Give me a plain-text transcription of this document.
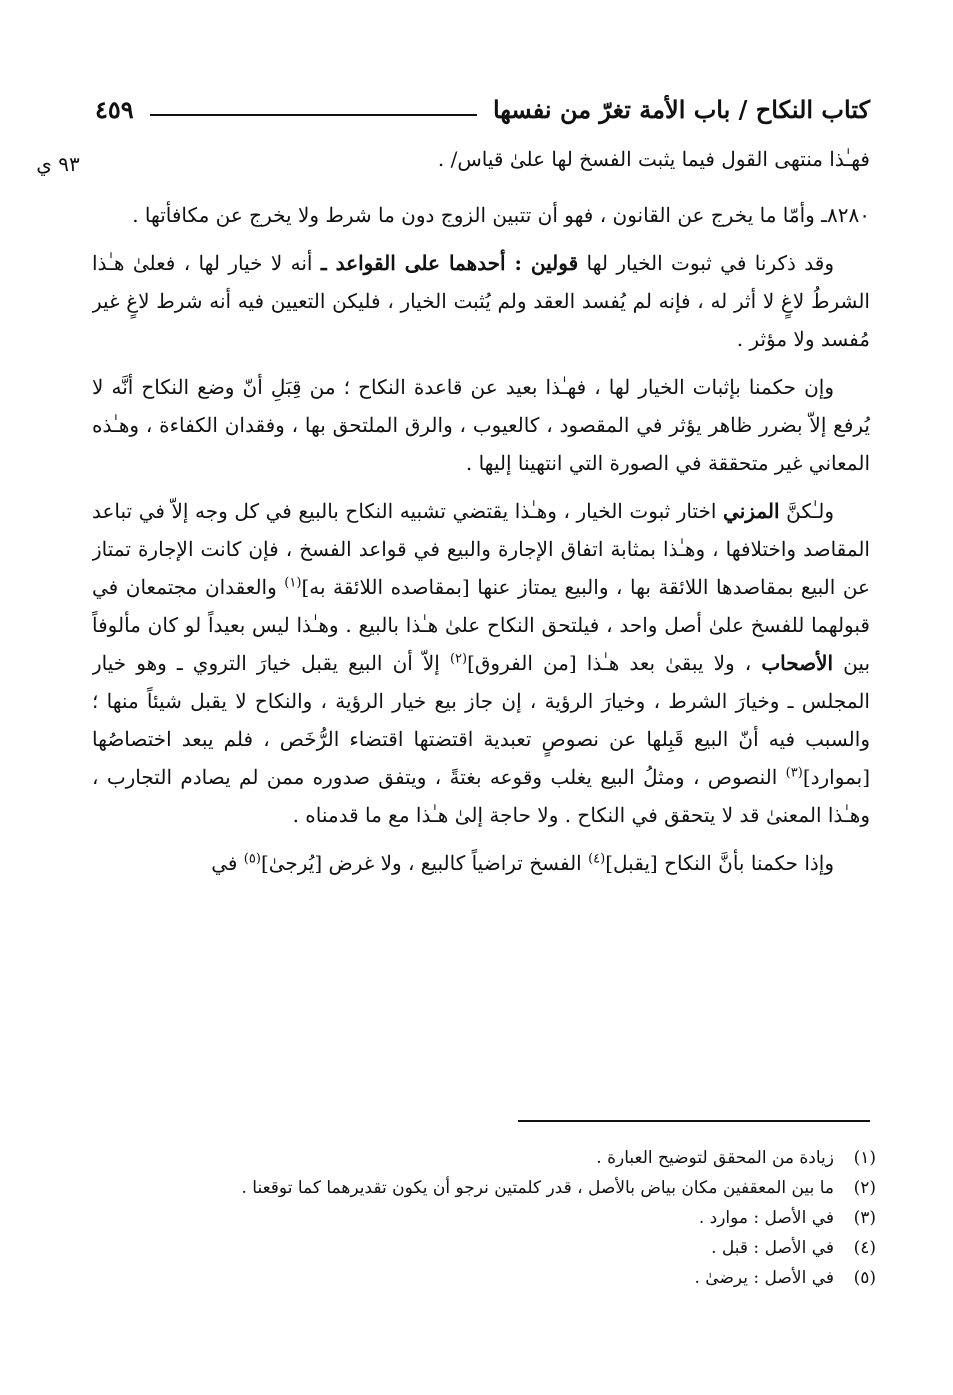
كتاب النكاح / باب الأمة تغرّ من نفسها
٤٥٩
٩٣ ي	فهـٰذا منتهى القول فيما يثبت الفسخ لها علىٰ قياس/ .

٨٢٨٠ـ وأمّا ما يخرج عن القانون ، فهو أن تتبين الزوج دون ما شرط ولا يخرج عن مكافأتها .

وقد ذكرنا في ثبوت الخيار لها قولين : أحدهما على القواعد ـ أنه لا خيار لها ، فعلىٰ هـٰذا الشرطُ لاغٍ لا أثر له ، فإنه لم يُفسد العقد ولم يُثبت الخيار ، فليكن التعيين فيه أنه شرط لاغٍ غير مُفسد ولا مؤثر .

وإن حكمنا بإثبات الخيار لها ، فهـٰذا بعيد عن قاعدة النكاح ؛ من قِبَلِ أنّ وضع النكاح أنَّه لا يُرفع إلاّ بضرر ظاهر يؤثر في المقصود ، كالعيوب ، والرق الملتحق بها ، وفقدان الكفاءة ، وهـٰذه المعاني غير متحققة في الصورة التي انتهينا إليها .

ولـٰكنَّ المزني اختار ثبوت الخيار ، وهـٰذا يقتضي تشبيه النكاح بالبيع في كل وجه إلاّ في تباعد المقاصد واختلافها ، وهـٰذا بمثابة اتفاق الإجارة والبيع في قواعد الفسخ ، فإن كانت الإجارة تمتاز عن البيع بمقاصدها اللائقة بها ، والبيع يمتاز عنها [بمقاصده اللائقة به]$^{(١)}$ والعقدان مجتمعان في قبولهما للفسخ علىٰ أصل واحد ، فيلتحق النكاح علىٰ هـٰذا بالبيع . وهـٰذا ليس بعيداً لو كان مألوفاً بين الأصحاب ، ولا يبقىٰ بعد هـٰذا [من الفروق]$^{(٢)}$ إلاّ أن البيع يقبل خيارَ التروي ـ وهو خيار المجلس ـ وخيارَ الشرط ، وخيارَ الرؤية ، إن جاز بيع خيار الرؤية ، والنكاح لا يقبل شيئاً منها ؛ والسبب فيه أنّ البيع قَبِلها عن نصوصٍ تعبدية اقتضتها اقتضاء الرُّخَص ، فلم يبعد اختصاصُها [بموارد]$^{(٣)}$ النصوص ، ومثلُ البيع يغلب وقوعه بغتةً ، ويتفق صدوره ممن لم يصادم التجارب ، وهـٰذا المعنىٰ قد لا يتحقق في النكاح . ولا حاجة إلىٰ هـٰذا مع ما قدمناه .

وإذا حكمنا بأنَّ النكاح [يقبل]$^{(٤)}$ الفسخ تراضياً كالبيع ، ولا غرض [يُرجىٰ]$^{(٥)}$ في

(١)
زيادة من المحقق لتوضيح العبارة .
(٢)
ما بين المعقفين مكان بياض بالأصل ، قدر كلمتين نرجو أن يكون تقديرهما كما توقعنا .
(٣)
في الأصل : موارد .
(٤)
في الأصل : قبل .
(٥)
في الأصل : يرضىٰ .
